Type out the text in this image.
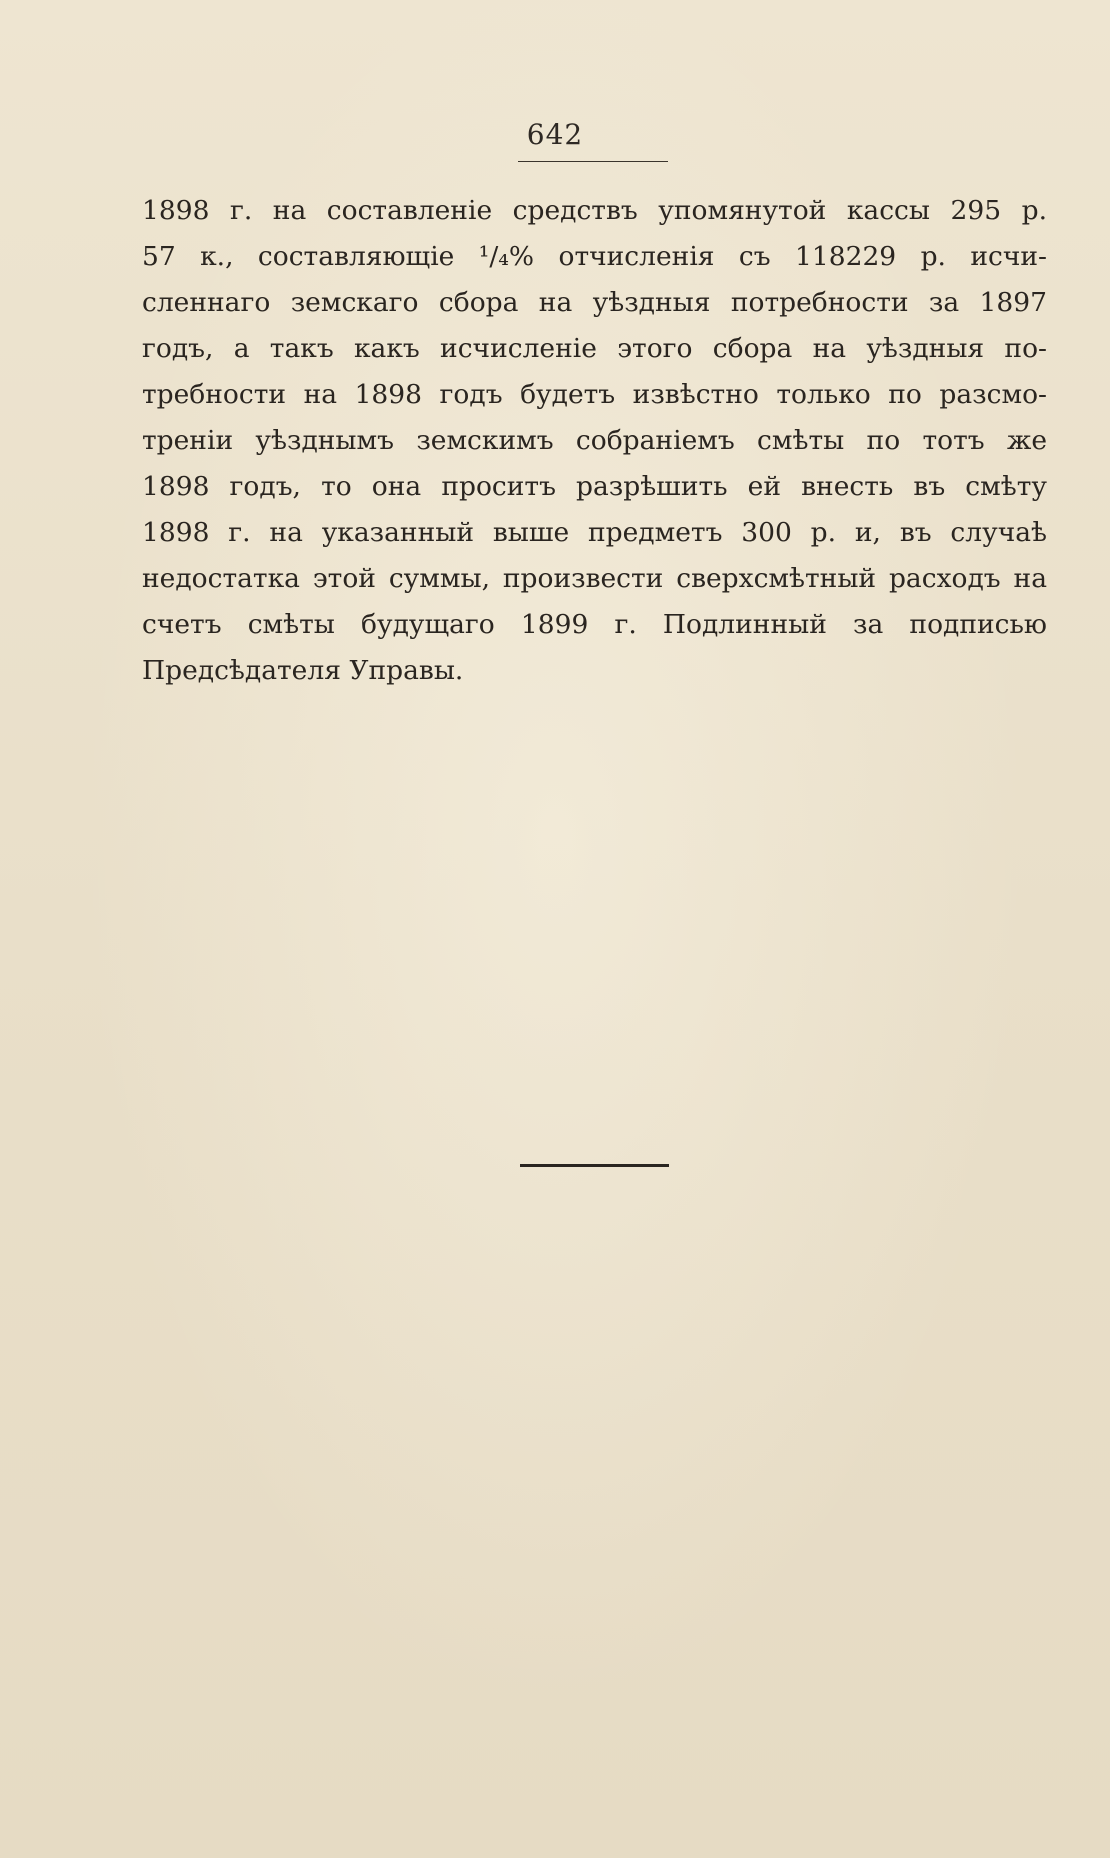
642
1898 г. на составленіе средствъ упомянутой кассы 295 р.
57 к., составляющіе ¹/₄% отчисленія съ 118229 р. исчи-
сленнаго земскаго сбора на уѣздныя потребности за 1897
годъ, а такъ какъ исчисленіе этого сбора на уѣздныя по-
требности на 1898 годъ будетъ извѣстно только по разсмо-
треніи уѣзднымъ земскимъ собраніемъ смѣты по тотъ же
1898 годъ, то она проситъ разрѣшить ей внесть въ смѣту
1898 г. на указанный выше предметъ 300 р. и, въ случаѣ
недостатка этой суммы, произвести сверхсмѣтный расходъ на
счетъ смѣты будущаго 1899 г. Подлинный за подписью
Предсѣдателя Управы.
